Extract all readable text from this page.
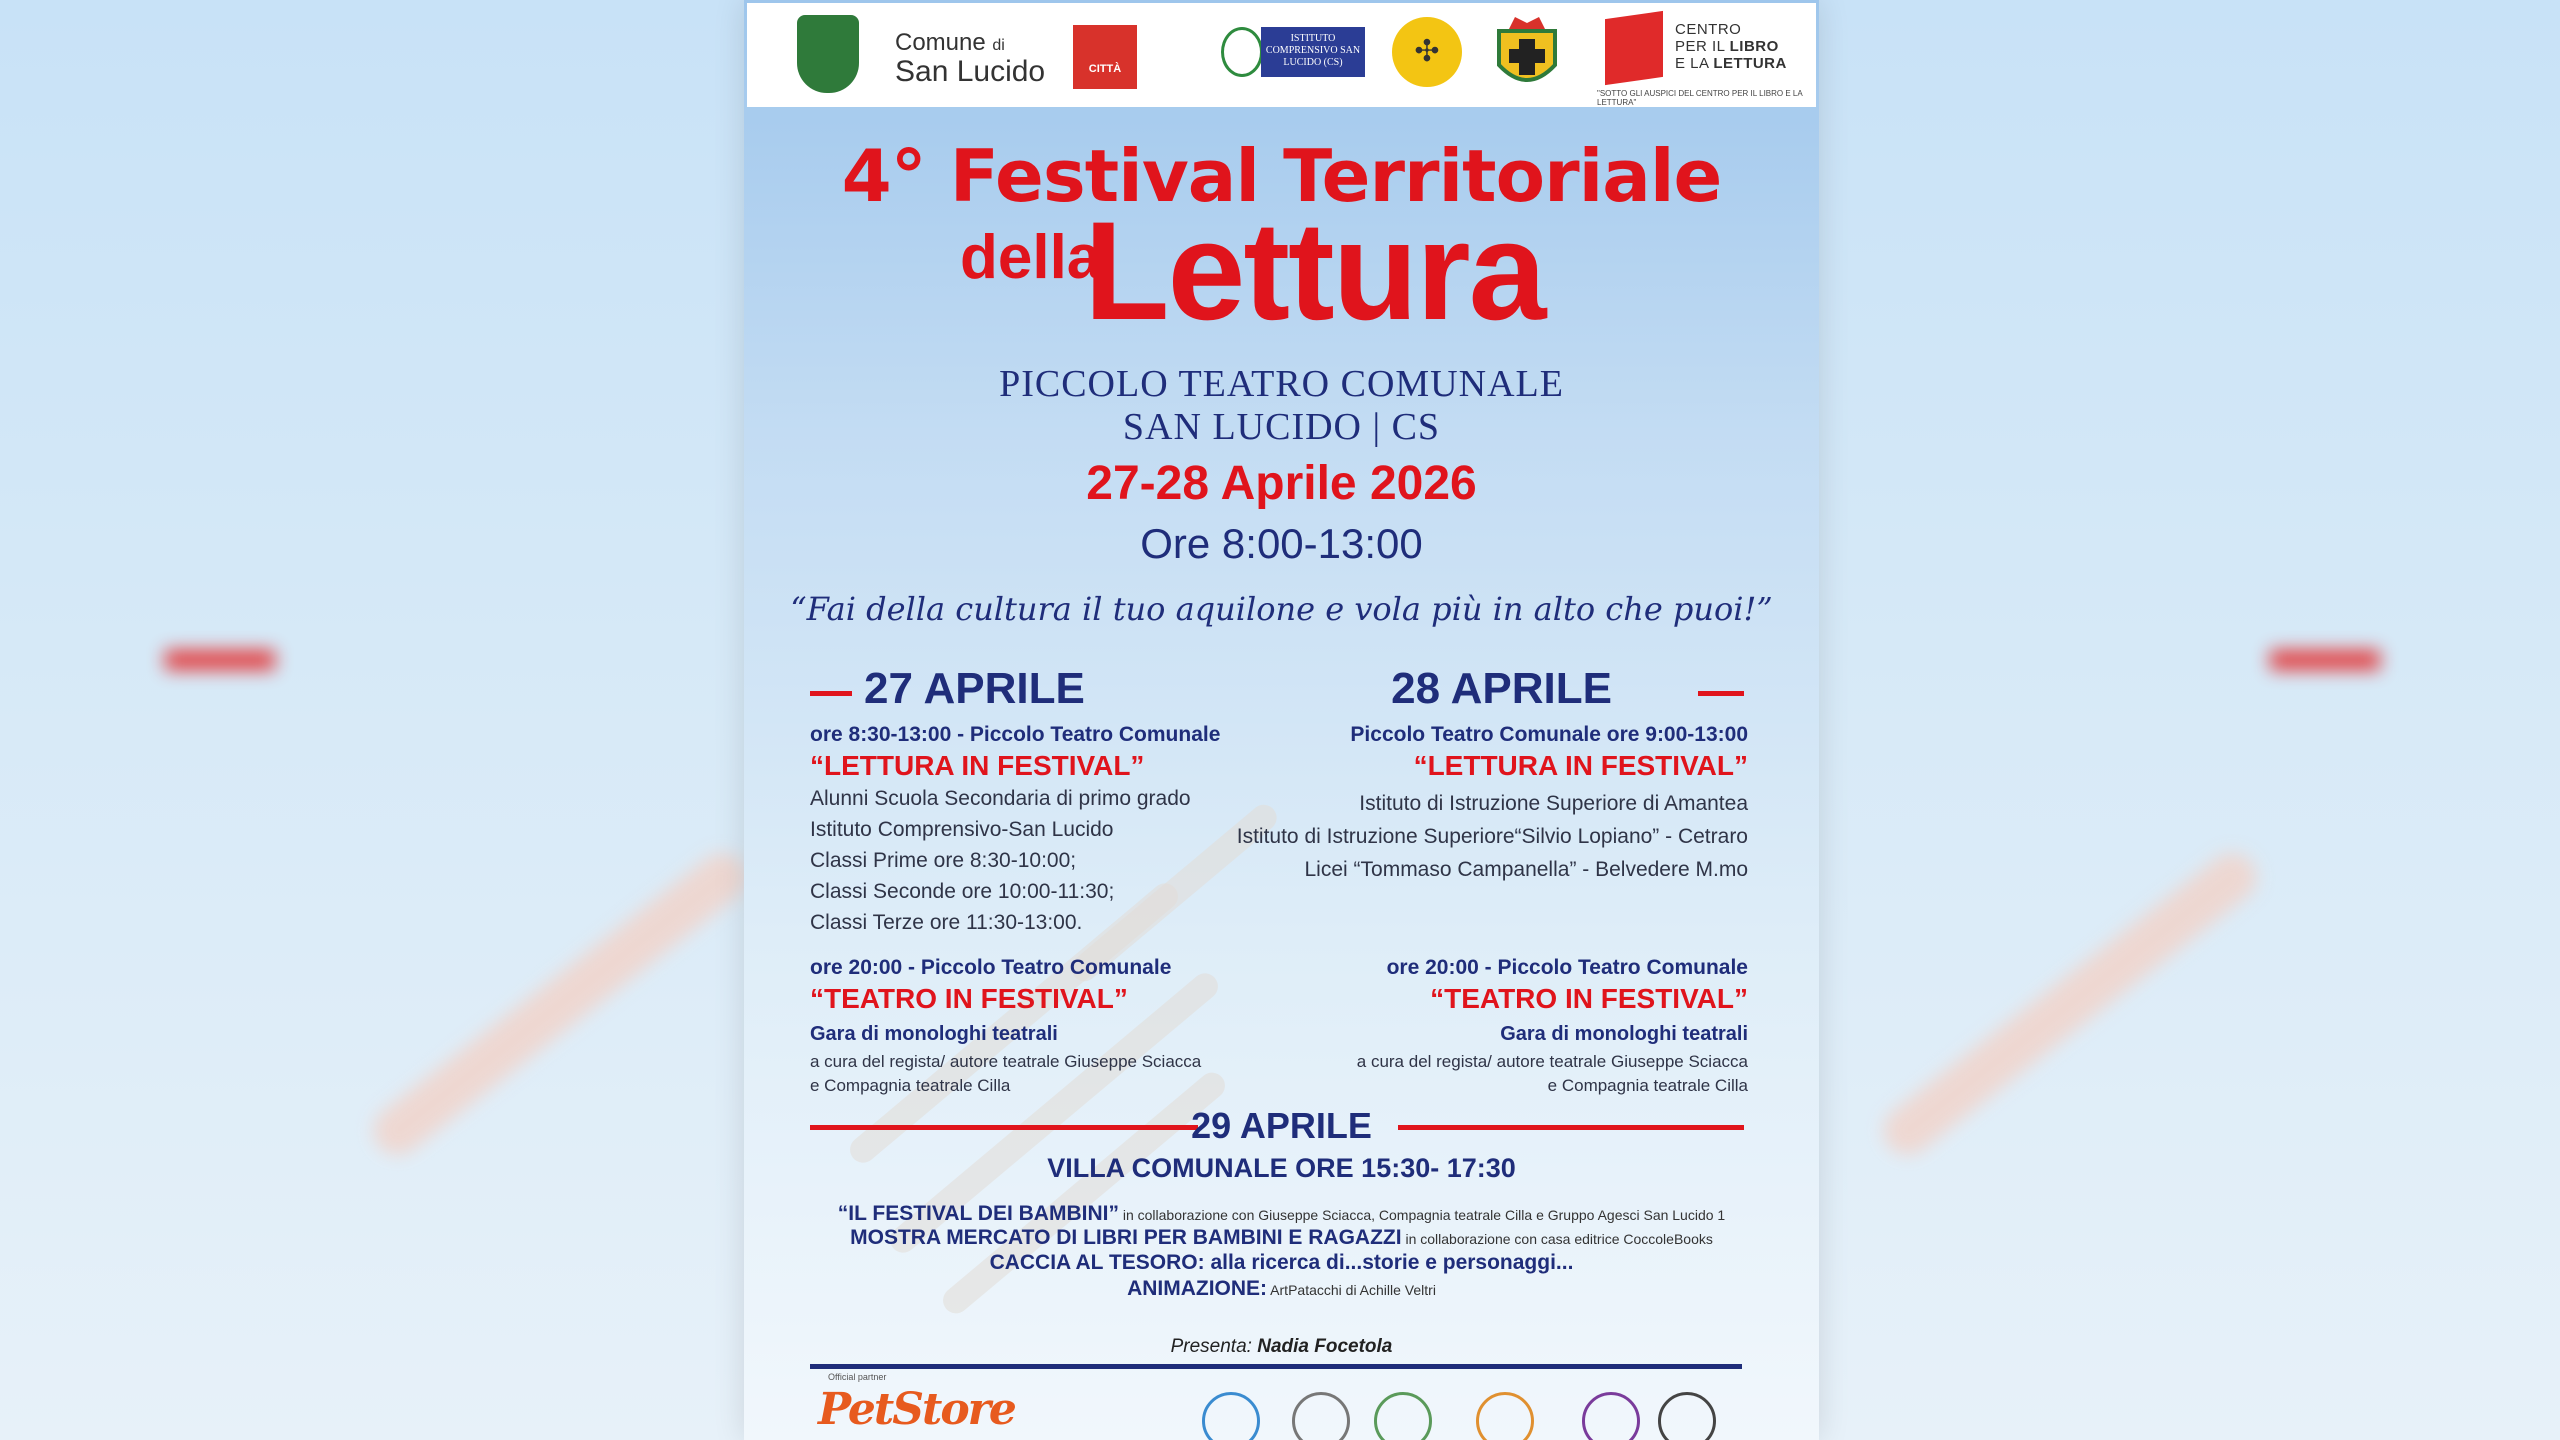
Comune di
San Lucido	CITTÀ
ISTITUTO COMPRENSIVO SAN LUCIDO (CS)	✣
CENTRO
PER IL LIBRO
E LA LETTURA
"SOTTO GLI AUSPICI DEL CENTRO PER IL LIBRO E LA LETTURA"
4° Festival Territoriale
della
Lettura
PICCOLO TEATRO COMUNALE
SAN LUCIDO | CS
27-28 Aprile 2026
Ore 8:00-13:00
“Fai della cultura il tuo aquilone e vola più in alto che puoi!”
27 APRILE
ore 8:30-13:00 - Piccolo Teatro Comunale
“LETTURA IN FESTIVAL”
Alunni Scuola Secondaria di primo grado
Istituto Comprensivo-San Lucido
Classi Prime ore 8:30-10:00;
Classi Seconde ore 10:00-11:30;
Classi Terze ore 11:30-13:00.
ore 20:00 - Piccolo Teatro Comunale
“TEATRO IN FESTIVAL”
Gara di monologhi teatrali
a cura del regista/ autore teatrale Giuseppe Sciacca
e Compagnia teatrale Cilla
28 APRILE
Piccolo Teatro Comunale ore 9:00-13:00
“LETTURA IN FESTIVAL”
Istituto di Istruzione Superiore di Amantea
Istituto di Istruzione Superiore“Silvio Lopiano” - Cetraro
Licei “Tommaso Campanella” - Belvedere M.mo
ore 20:00 - Piccolo Teatro Comunale
“TEATRO IN FESTIVAL”
Gara di monologhi teatrali
a cura del regista/ autore teatrale Giuseppe Sciacca
e Compagnia teatrale Cilla
29 APRILE
VILLA COMUNALE ORE 15:30- 17:30
“IL FESTIVAL DEI BAMBINI” in collaborazione con Giuseppe Sciacca, Compagnia teatrale Cilla e Gruppo Agesci San Lucido 1
MOSTRA MERCATO DI LIBRI PER BAMBINI E RAGAZZI in collaborazione con casa editrice CoccoleBooks
CACCIA AL TESORO: alla ricerca di...storie e personaggi...
ANIMAZIONE: ArtPatacchi di Achille Veltri
Presenta: Nadia Focetola
Official partner
PetStore
